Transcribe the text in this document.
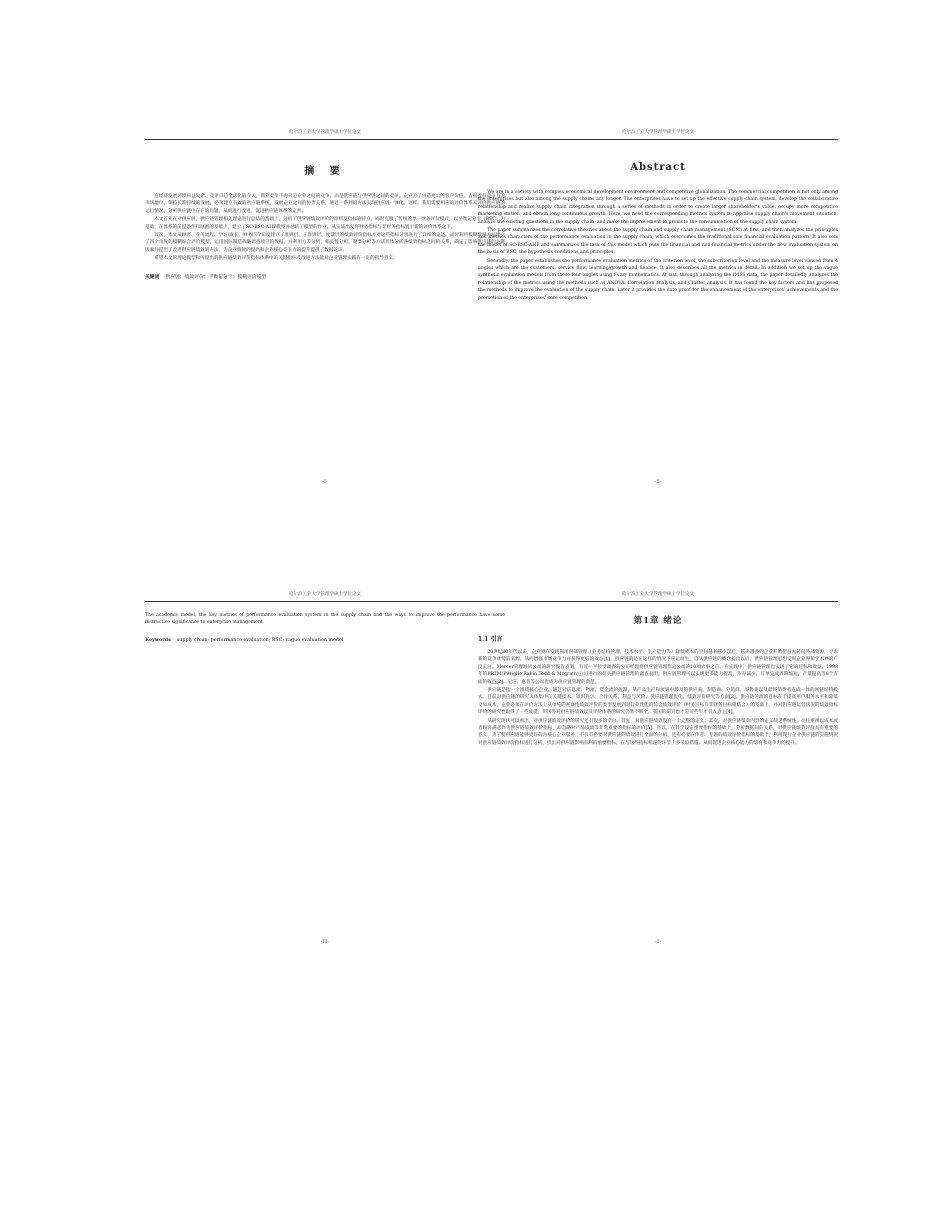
哈尔滨工业大学管理学硕士学位论文
摘 要

在经济发展环境日益复杂、竞争日趋全球化的今天，商业竞争不再只是企业之间的竞争，而是供应链与供应链之间的竞争。企业为了创造更大的客户价值，占据着有竞争力的市场地位，保持长期持续的发展，必须建立有效的供应链系统，发展企业之间的协作关系，通过一系列的方法实现供应链一体化。这样，我们需要相应的评价体系来评价供应链的运行情况，分析供应链中存在的问题，从而进行改进，促进供应链体系的完善。

本文首先在对供应链、供应链管理相关理论进行总结的基础上，分析了供应链绩效评价的原则及指标的特点，同时克服了传统的单一财务评价模式，以平衡记分卡（BSC）为基础，在体系的前提条件和原则的基础上，建立了SC-BSC-AHP模型并总结了模型的作业。从实质出发将财务指标与非财务指标置于新的评价体系之下。

其次，本文从顾客、业务流程、学习/成长、财务四个角度建立了准则层、子准则层、度量层的绩效评价指标并对这些指标分别进行了详细的论述。同时利用模糊数学方法建立了四个角度的模糊综合评价模型。运用国际制造战略调查项目的数据，并利用方差分析、相关性分析、聚类分析等方法具体分析各绩效指标之间的关系，确定了影响供应链的关键因素并提出了改进供应链绩效的方法，为企业绩效的提高和企业核心竞争力的提升提供了数据论证。

希望本文的理论模型和所提出的供应链绩效评价指标体系中的关键指标及改进方法能对企业管理实践有一定的指导意义。

关键词 供应链；绩效评价；平衡记分卡；模糊评价模型
-I-
哈尔滨工业大学管理学硕士学位论文
Abstract

We are in a society with complex economical development environment and competitive globalization. The commercial competition is not only among the enterprises but also among the supply chains any longer. The enterprises have to set up the effective supply-chain system, develop the collaborative relationship and realize supply chain integration through a series of methods in order to create larger shareholder's value, occupy more competitive marketing station, and obtain long continuous growth. Here, we need the corresponding metrics system to appraise supply chain's movement situation, analyze the existing questions in the supply chain, and make the improvement to promote the consummation of the supply chain system.

The paper summarizes the correlative theories about the supply chain and supply chain management (SCM) at first, and then analyzes the principles and metrics characters of the performance evaluation in the supply chain, which overcomes the traditional sole financial evaluation pattern. It also sets the model of SC-BSC-AHP and summarizes the task of this model which puts the financial and non-financial metrics under the new evaluation system on the basis of BSC, the hypothesis conditions and principles.

Secondly, the paper establishes the performance evaluation metrics of the criterion level, the sub-criterion level and the measure level viewed from 4 angles which are the customers, service flow, learning/growth and finance. It also describes all the metrics in detail. In addition we set up the vague synthetic evaluation models from these four angles using Fuzzy mathematics. At last, through analyzing the IMSS data, the paper detailedly analyzes the relationship of the metrics using the methods such as ANOVA, Correlation analysis, and Cluster analysis. It has found the key factors and has proposed the methods to improve the evaluation of the supply chain. Later it provides the date proof for the enhancement of the enterprises' achievements and the promotion of the enterprises' core competition.

-II-
哈尔滨工业大学管理学硕士学位论文

The academic model, the key metrics of performance evaluation system in the supply chain and the ways to improve the performance have some instructive significance to enterprise management.

Keywords supply chain; performance evaluation; BSC; vague evaluation model
-III-
哈尔滨工业大学管理学硕士学位论文
第1章 绪论
1.1 引言

20世纪80年代以来，企业界在发现利用内部管理（业务结构管理、技术水平、生产能力等）降低成本的空间越来越小以后，越来越多的企业开始把目光转向外部资源，寻求新的竞争优势的来源。从而增强市场竞争力并获得更好的效益[1]。供应链就是在这样的情况下应运而生，自从供应链的概念提出以后，供应链管理思想受到企业界和学术界的广泛关注。Mercer管理顾问公司的研究报告表明，有近一半接受调查的公司经理将供应链管理作为公司的10项大事之首。在实践中，供应链管理也实现了它的目标和效益，1998年的PRTM(Pittiglio Rabin Todd & Mcgrath)公司进行的有关供应链管理的调查表明，供应链管理可以实现更多能力提高，库存减少，订单完成周期缩短，产量提高等8个方面的收益[2]。宝洁、惠普等公司也成为供应链管理的典范。

供应链是指一个围绕核心企业，通过对信息流、物流、资金流的控制，从产品生产和流通中涉及的供应商、制造商、分销商、零售商以及最终消费者连成一体的网链结构模式。目前对供应链的研究大体集中在关键技术、知识共享、合作关系、利益与风险、供应链管理优化、绩效评价研究等方面[3]。供应链管理的目标在于提高用户服务水平和降低交易成本，企业必须在评价方法上从单纯的观察性绩效评价的类型发展到对行业性能的综合绩效评价（财务目标与非财务目标相结合）的基础上，并对供应链运营状况的绩效指标评价的研究也取得了一些成就，但国外对供应链绩效以及评价体系的研究仍然不够全，我国的研究也才是近些年才引入为主[4]。

从研究现状可以看出，对供应链绩效评价的研究还有很多的空白。首先，对供应链绩效没有一个完整的定义；其次，对供应链绩效内容的定义缺乏系统性，往往重视以成本或者顾客满意作为供应链绩效评价指标，却忽略对产品质量等非常重要的指标的评价[5]。所以，在科学设定重要指标的基础上，分析数据间的关系，对供应链绩效评价具有重要的意义。为了使供应链能够更好的为核心企业服务，不仅有必要对供应链的绩效进行全面的分析，还有必要在作者、专题的绩效评价指标的基础上，利用现行企业供应链的实施情况对供应链绩效评价指标进行分析，找出对供应链影响有利的重要指标，在与这些指标相连的环节上多采取措施，从而促进企业核心能力的培育和竞争力的提升。

-1-
